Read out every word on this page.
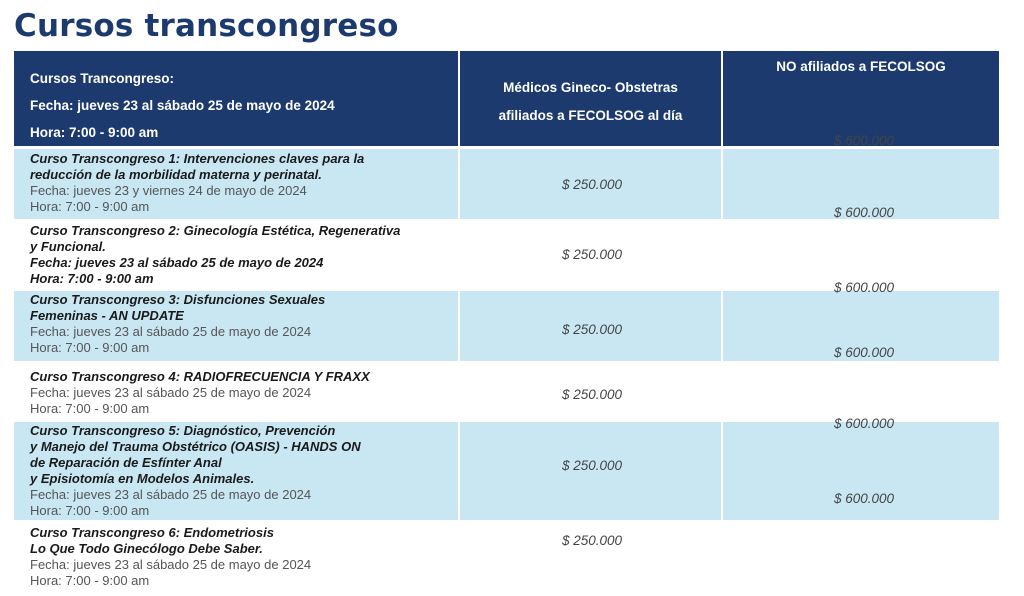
Cursos transcongreso
Cursos Trancongreso:
Fecha: jueves 23 al sábado 25 de mayo de 2024
Hora: 7:00 - 9:00 am
Médicos Gineco- Obstetras
afiliados a FECOLSOG al día
NO afiliados a FECOLSOG
Curso Transcongreso 1: Intervenciones claves para la
reducción de la morbilidad materna y perinatal.
Fecha: jueves 23 y viernes 24 de mayo de 2024
Hora: 7:00 - 9:00 am
$ 250.000
Curso Transcongreso 2: Ginecología Estética, Regenerativa
y Funcional.
Fecha: jueves 23 al sábado 25 de mayo de 2024
Hora: 7:00 - 9:00 am
$ 250.000
Curso Transcongreso 3: Disfunciones Sexuales
Femeninas - AN UPDATE
Fecha: jueves 23 al sábado 25 de mayo de 2024
Hora: 7:00 - 9:00 am
$ 250.000
Curso Transcongreso 4: RADIOFRECUENCIA Y FRAXX
Fecha: jueves 23 al sábado 25 de mayo de 2024
Hora: 7:00 - 9:00 am
$ 250.000
Curso Transcongreso 5: Diagnóstico, Prevención
y Manejo del Trauma Obstétrico (OASIS) - HANDS ON
de Reparación de Esfínter Anal
y Episiotomía en Modelos Animales.
Fecha: jueves 23 al sábado 25 de mayo de 2024
Hora: 7:00 - 9:00 am
$ 250.000
Curso Transcongreso 6: Endometriosis
Lo Que Todo Ginecólogo Debe Saber.
Fecha: jueves 23 al sábado 25 de mayo de 2024
Hora: 7:00 - 9:00 am
$ 250.000
$ 600.000
$ 600.000
$ 600.000
$ 600.000
$ 600.000
$ 600.000
